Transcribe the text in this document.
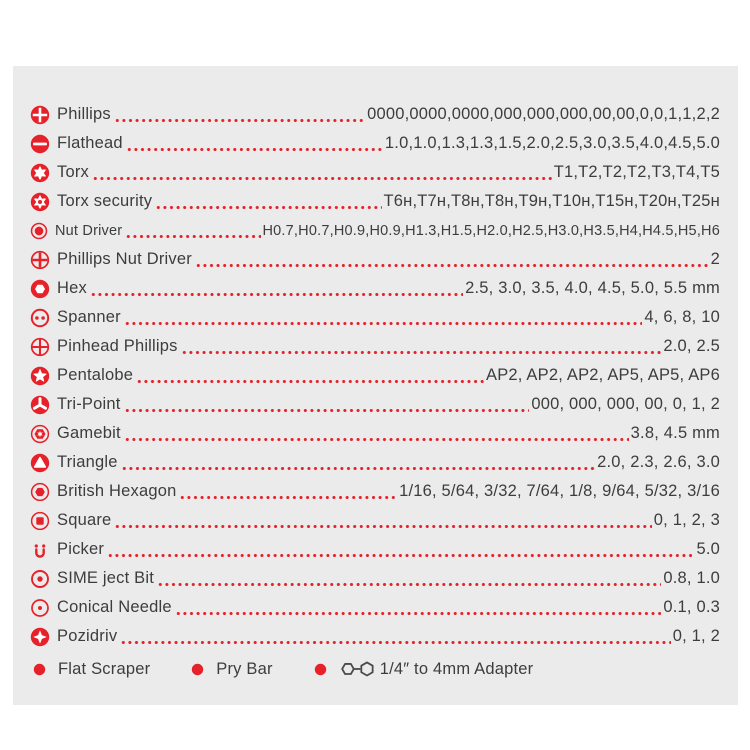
Phillips	0000,0000,0000,000,000,000,00,00,0,0,1,1,2,2
Flathead	1.0,1.0,1.3,1.3,1.5,2.0,2.5,3.0,3.5,4.0,4.5,5.0
Torx	T1,T2,T2,T2,T3,T4,T5
Torx security	T6ʜ,T7ʜ,T8ʜ,T8ʜ,T9ʜ,T10ʜ,T15ʜ,T20ʜ,T25ʜ
Nut Driver	H0.7,H0.7,H0.9,H0.9,H1.3,H1.5,H2.0,H2.5,H3.0,H3.5,H4,H4.5,H5,H6
Phillips Nut Driver	2
Hex	2.5, 3.0, 3.5, 4.0, 4.5, 5.0, 5.5 mm
Spanner	4, 6, 8, 10
Pinhead Phillips	2.0, 2.5
Pentalobe	AP2, AP2, AP2, AP5, AP5, AP6
Tri-Point	000, 000, 000, 00, 0, 1, 2
Gamebit	3.8, 4.5 mm
Triangle	2.0, 2.3, 2.6, 3.0
British Hexagon	1/16, 5/64, 3/32, 7/64, 1/8, 9/64, 5/32, 3/16
Square	0, 1, 2, 3
Picker	5.0
SIME ject Bit	0.8, 1.0
Conical Needle	0.1, 0.3
Pozidriv	0, 1, 2
Flat Scraper	Pry Bar	1/4″ to 4mm Adapter
